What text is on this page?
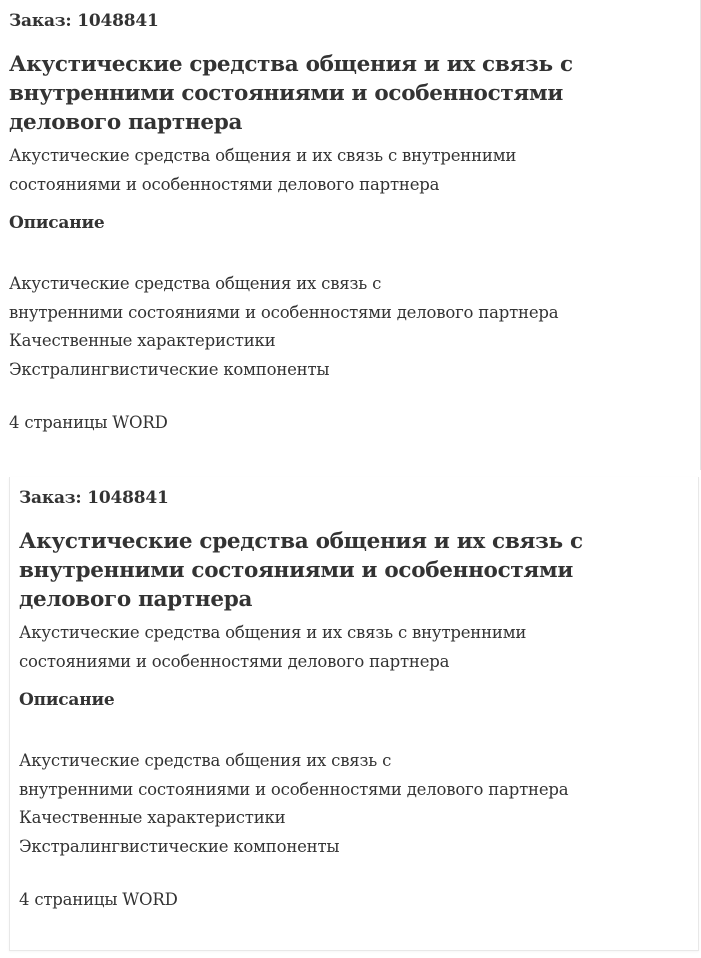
Заказ: 1048841
Акустические средства общения и их связь с
внутренними состояниями и особенностями
делового партнера
Акустические средства общения и их связь с внутренними
состояниями и особенностями делового партнера
Описание
Акустические средства общения их связь с
внутренними состояниями и особенностями делового партнера
Качественные характеристики
Экстралингвистические компоненты
4 страницы WORD
Заказ: 1048841
Акустические средства общения и их связь с
внутренними состояниями и особенностями
делового партнера
Акустические средства общения и их связь с внутренними
состояниями и особенностями делового партнера
Описание
Акустические средства общения их связь с
внутренними состояниями и особенностями делового партнера
Качественные характеристики
Экстралингвистические компоненты
4 страницы WORD
